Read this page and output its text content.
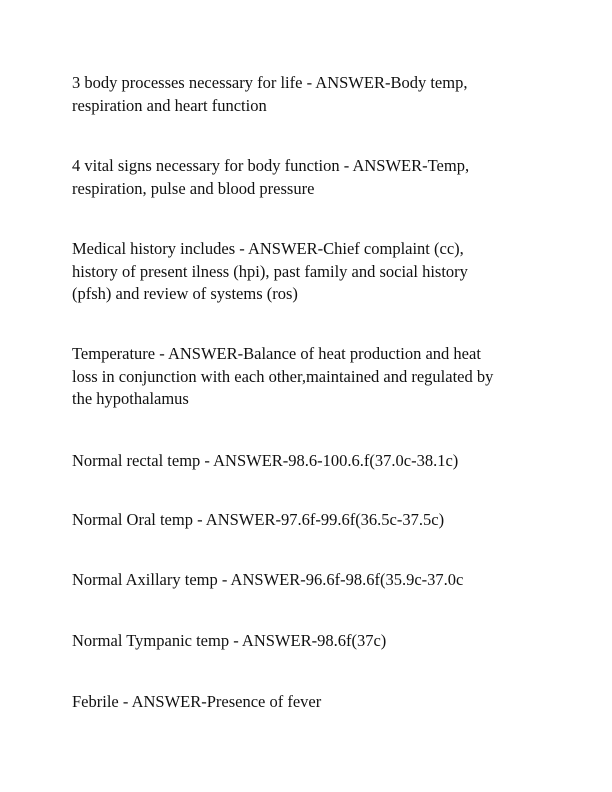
3 body processes necessary for life - ANSWER-Body temp,
respiration and heart function
4 vital signs necessary for body function - ANSWER-Temp,
respiration, pulse and blood pressure
Medical history includes - ANSWER-Chief complaint (cc),
history of present ilness (hpi), past family and social history
(pfsh) and review of systems (ros)
Temperature - ANSWER-Balance of heat production and heat
loss in conjunction with each other,maintained and regulated by
the hypothalamus
Normal rectal temp - ANSWER-98.6-100.6.f(37.0c-38.1c)
Normal Oral temp - ANSWER-97.6f-99.6f(36.5c-37.5c)
Normal Axillary temp - ANSWER-96.6f-98.6f(35.9c-37.0c
Normal Tympanic temp - ANSWER-98.6f(37c)
Febrile - ANSWER-Presence of fever
